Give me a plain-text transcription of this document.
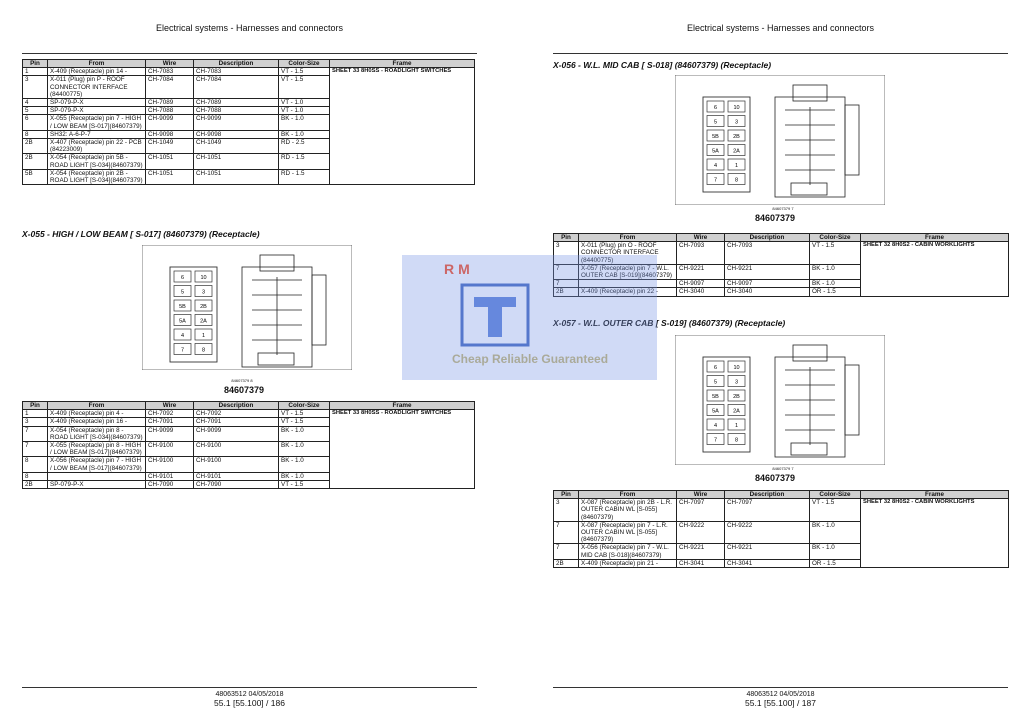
Electrical systems - Harnesses and connectors
Pin	From	Wire	Description	Color-Size	Frame
1	X-409 (Receptacle) pin 14 -	CH-7083	CH-7083	VT - 1.5	SHEET 33 8H0SS - ROADLIGHT SWITCHES
3	X-011 (Plug) pin P - ROOF CONNECTOR INTERFACE (84400775)	CH-7084	CH-7084	VT - 1.5	
4	SP-079-P-X	CH-7089	CH-7089	VT - 1.0	
5	SP-079-P-X	CH-7088	CH-7088	VT - 1.0	
6	X-055 (Receptacle) pin 7 - HIGH / LOW BEAM [S-017](84607379)	CH-9099	CH-9099	BK - 1.0	
8	SH32: A-6-P-7	CH-9098	CH-9098	BK - 1.0	
2B	X-407 (Receptacle) pin 22 - PCB (84223009)	CH-1049	CH-1049	RD - 2.5	
2B	X-054 (Receptacle) pin 5B - ROAD LIGHT [S-034](84607379)	CH-1051	CH-1051	RD - 1.5	
5B	X-054 (Receptacle) pin 2B - ROAD LIGHT [S-034](84607379)	CH-1051	CH-1051	RD - 1.5	
X-055 - HIGH / LOW BEAM [ S-017] (84607379) (Receptacle)
6	10
5	3
5B	2B
5A	2A
4	1
7	8
84607379 8
84607379
Pin	From	Wire	Description	Color-Size	Frame
1	X-409 (Receptacle) pin 4 -	CH-7092	CH-7092	VT - 1.5	SHEET 33 8H0SS - ROADLIGHT SWITCHES
3	X-409 (Receptacle) pin 16 -	CH-7091	CH-7091	VT - 1.5	
7	X-054 (Receptacle) pin 8 - ROAD LIGHT [S-034](84607379)	CH-9099	CH-9099	BK - 1.0	
7	X-055 (Receptacle) pin 8 - HIGH / LOW BEAM [S-017](84607379)	CH-9100	CH-9100	BK - 1.0	
8	X-056 (Receptacle) pin 7 - HIGH / LOW BEAM [S-017](84607379)	CH-9100	CH-9100	BK - 1.0	
8		CH-9101	CH-9101	BK - 1.0	
2B	SP-079-P-X	CH-7090	CH-7090	VT - 1.5	
48063512 04/05/2018
55.1 [55.100] / 186
Electrical systems - Harnesses and connectors
X-056 - W.L. MID CAB [ S-018] (84607379) (Receptacle)
6	10
5	3
5B	2B
5A	2A
4	1
7	8
84607379 7
84607379
Pin	From	Wire	Description	Color-Size	Frame
3	X-011 (Plug) pin O - ROOF CONNECTOR INTERFACE (84400775)	CH-7093	CH-7093	VT - 1.5	SHEET 32 8H0S2 - CABIN WORKLIGHTS
7	X-057 (Receptacle) pin 7 - W.L. OUTER CAB [S-019](84607379)	CH-9221	CH-9221	BK - 1.0	
7		CH-9097	CH-9097	BK - 1.0	
2B	X-409 (Receptacle) pin 22 -	CH-3040	CH-3040	OR - 1.5	
X-057 - W.L. OUTER CAB [ S-019] (84607379) (Receptacle)
6	10
5	3
5B	2B
5A	2A
4	1
7	8
84607379 7
84607379
Pin	From	Wire	Description	Color-Size	Frame
3	X-087 (Receptacle) pin 2B - L.R. OUTER CABIN WL [S-055](84607379)	CH-7097	CH-7097	VT - 1.5	SHEET 32 8H0S2 - CABIN WORKLIGHTS
7	X-087 (Receptacle) pin 7 - L.R. OUTER CABIN WL [S-055](84607379)	CH-9222	CH-9222	BK - 1.0	
7	X-056 (Receptacle) pin 7 - W.L. MID CAB [S-018](84607379)	CH-9221	CH-9221	BK - 1.0	
2B	X-409 (Receptacle) pin 21 -	CH-3041	CH-3041	OR - 1.5	
48063512 04/05/2018
55.1 [55.100] / 187
RM
Cheap Reliable Guaranteed
